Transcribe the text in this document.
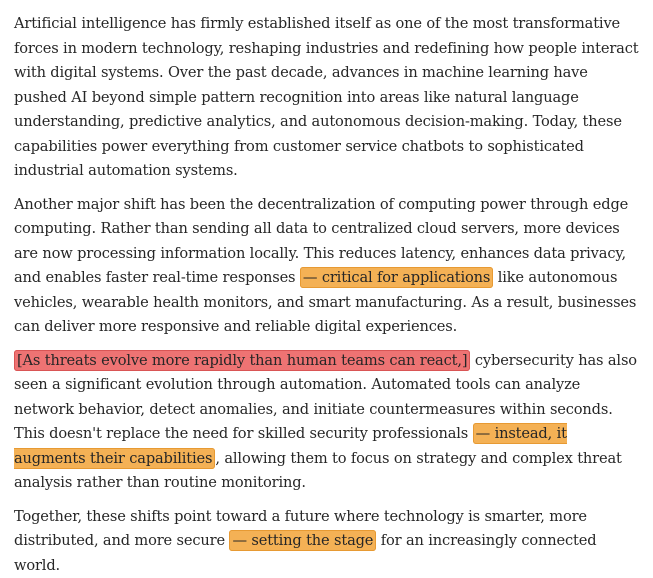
Artificial intelligence has firmly established itself as one of the most transformative forces in modern technology, reshaping industries and redefining how people interact with digital systems. Over the past decade, advances in machine learning have pushed AI beyond simple pattern recognition into areas like natural language understanding, predictive analytics, and autonomous decision-making. Today, these capabilities power everything from customer service chatbots to sophisticated industrial automation systems.

Another major shift has been the decentralization of computing power through edge computing. Rather than sending all data to centralized cloud servers, more devices are now processing information locally. This reduces latency, enhances data privacy, and enables faster real-time responses — critical for applications like autonomous vehicles, wearable health monitors, and smart manufacturing. As a result, businesses can deliver more responsive and reliable digital experiences.

[As threats evolve more rapidly than human teams can react,] cybersecurity has also seen a significant evolution through automation. Automated tools can analyze network behavior, detect anomalies, and initiate countermeasures within seconds. This doesn't replace the need for skilled security professionals — instead, it augments their capabilities , allowing them to focus on strategy and complex threat analysis rather than routine monitoring.

Together, these shifts point toward a future where technology is smarter, more distributed, and more secure — setting the stage for an increasingly connected world.
